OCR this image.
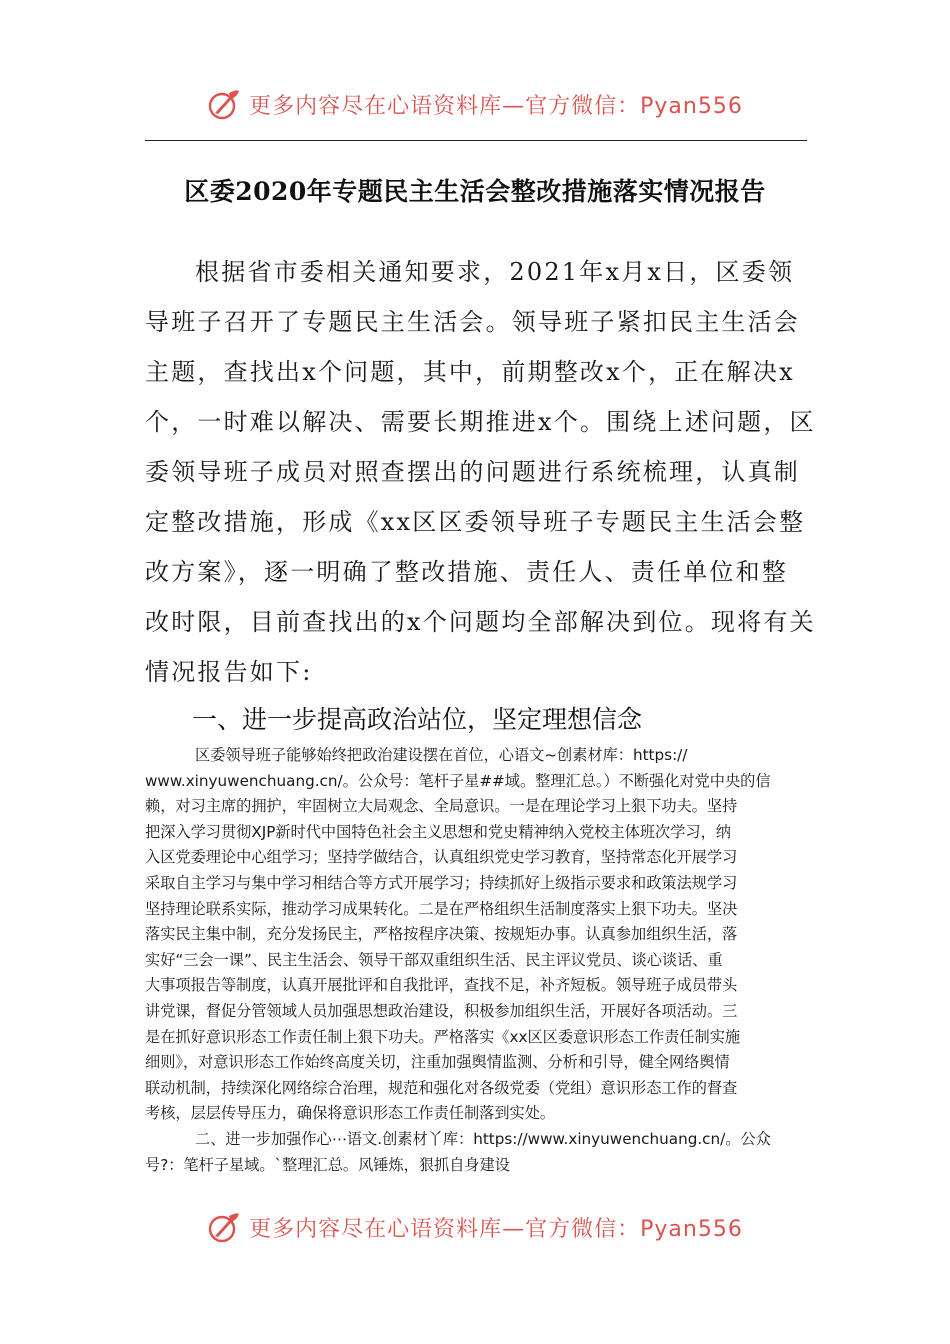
更多内容尽在心语资料库—官方微信：Pyan556
区委2020年专题民主生活会整改措施落实情况报告
根据省市委相关通知要求，2021年x月x日，区委领
导班子召开了专题民主生活会。领导班子紧扣民主生活会
主题，查找出x个问题，其中，前期整改x个，正在解决x
个，一时难以解决、需要长期推进x个。围绕上述问题，区
委领导班子成员对照查摆出的问题进行系统梳理，认真制
定整改措施，形成《xx区区委领导班子专题民主生活会整
改方案》，逐一明确了整改措施、责任人、责任单位和整
改时限，目前查找出的x个问题均全部解决到位。现将有关
情况报告如下:
一、进一步提高政治站位，坚定理想信念
区委领导班子能够始终把政治建设摆在首位，心语文~创素材库：https://
www.xinyuwenchuang.cn/。公众号：笔杆子星##域。整理汇总。）不断强化对党中央的信
赖，对习主席的拥护，牢固树立大局观念、全局意识。一是在理论学习上狠下功夫。坚持
把深入学习贯彻XJP新时代中国特色社会主义思想和党史精神纳入党校主体班次学习，纳
入区党委理论中心组学习；坚持学做结合，认真组织党史学习教育，坚持常态化开展学习
采取自主学习与集中学习相结合等方式开展学习；持续抓好上级指示要求和政策法规学习
坚持理论联系实际，推动学习成果转化。二是在严格组织生活制度落实上狠下功夫。坚决
落实民主集中制，充分发扬民主，严格按程序决策、按规矩办事。认真参加组织生活，落
实好“三会一课”、民主生活会、领导干部双重组织生活、民主评议党员、谈心谈话、重
大事项报告等制度，认真开展批评和自我批评，查找不足，补齐短板。领导班子成员带头
讲党课，督促分管领域人员加强思想政治建设，积极参加组织生活，开展好各项活动。三
是在抓好意识形态工作责任制上狠下功夫。严格落实《xx区区委意识形态工作责任制实施
细则》，对意识形态工作始终高度关切，注重加强舆情监测、分析和引导，健全网络舆情
联动机制，持续深化网络综合治理，规范和强化对各级党委（党组）意识形态工作的督查
考核，层层传导压力，确保将意识形态工作责任制落到实处。
二、进一步加强作心⋯语文.创素材丫库：https://www.xinyuwenchuang.cn/。公众
号?：笔杆子星域。`整理汇总。风锤炼，狠抓自身建设
更多内容尽在心语资料库—官方微信：Pyan556
